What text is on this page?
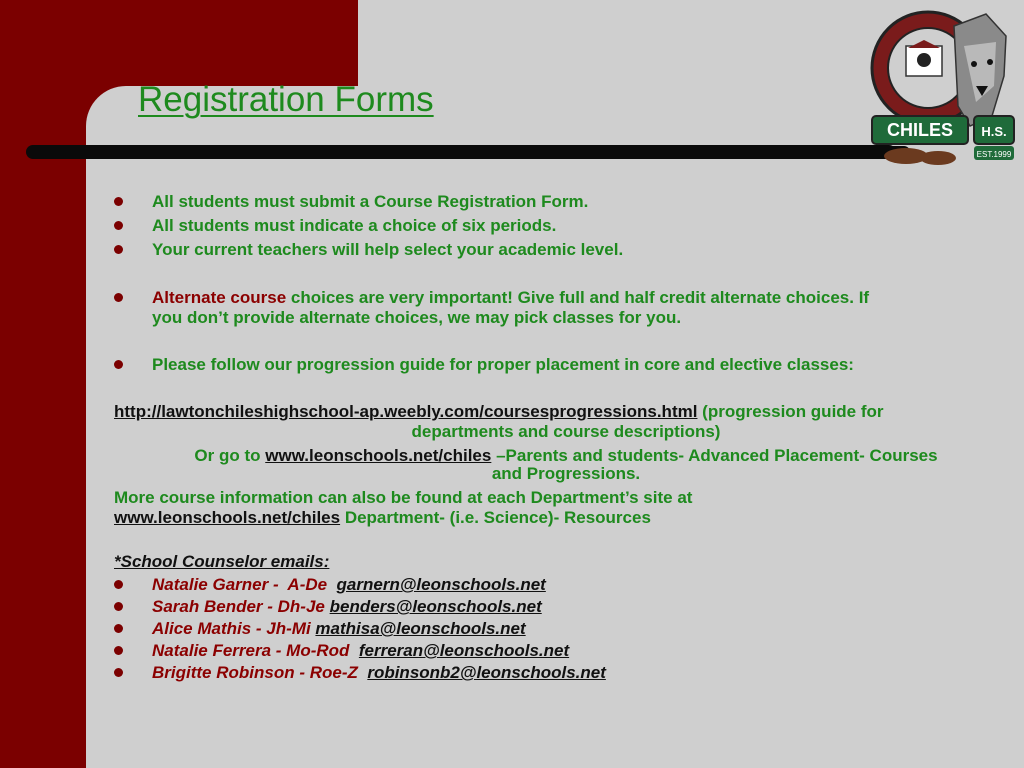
Registration Forms
CHILES H.S.
EST.1999
All students must submit a Course Registration Form.
All students must indicate a choice of six periods.
Your current teachers will help select your academic level.
Alternate course choices are very important! Give full and half credit alternate choices. If
you don’t provide alternate choices, we may pick classes for you.
Please follow our progression guide for proper placement in core and elective classes:
http://lawtonchileshighschool-ap.weebly.com/coursesprogressions.html (progression guide for
departments and course descriptions)
Or go to www.leonschools.net/chiles –Parents and students- Advanced Placement- Courses
and Progressions.
More course information can also be found at each Department’s site at
www.leonschools.net/chiles Department- (i.e. Science)- Resources
*School Counselor emails:
Natalie Garner -  A-De  garnern@leonschools.net
Sarah Bender - Dh-Je benders@leonschools.net
Alice Mathis - Jh-Mi mathisa@leonschools.net
Natalie Ferrera - Mo-Rod  ferreran@leonschools.net
Brigitte Robinson - Roe-Z  robinsonb2@leonschools.net
